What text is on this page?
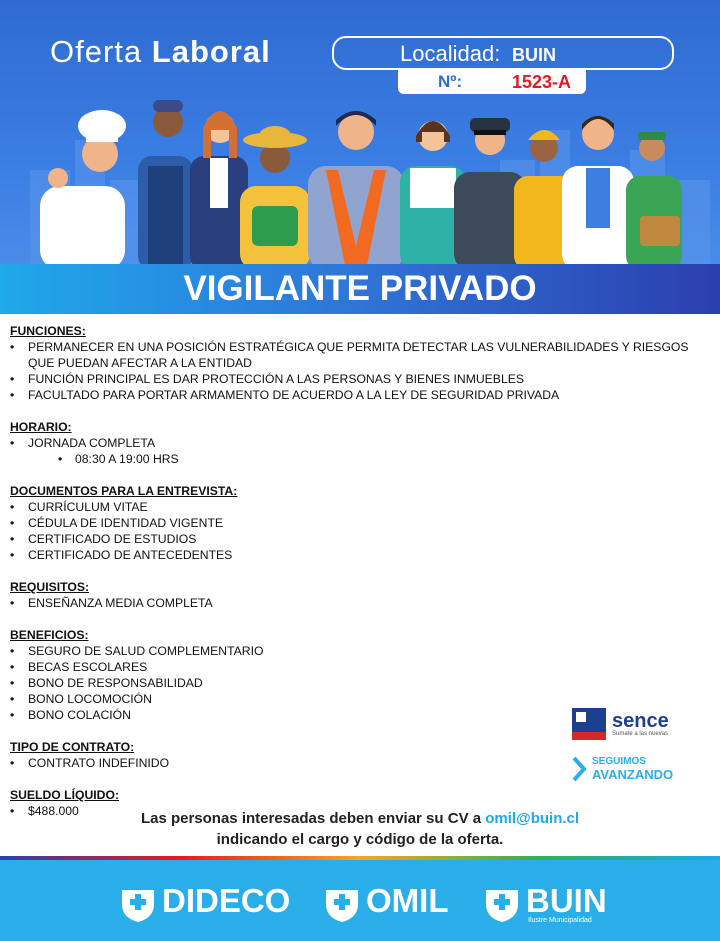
Oferta Laboral	Localidad: BUIN
Nº:	1523-A
VIGILANTE PRIVADO
FUNCIONES:
• PERMANECER EN UNA POSICIÓN ESTRATÉGICA QUE PERMITA DETECTAR LAS VULNERABILIDADES Y RIESGOS QUE PUEDAN AFECTAR A LA ENTIDAD
• FUNCIÓN PRINCIPAL ES DAR PROTECCIÓN A LAS PERSONAS Y BIENES INMUEBLES
• FACULTADO PARA PORTAR ARMAMENTO DE ACUERDO A LA LEY DE SEGURIDAD PRIVADA
HORARIO:
• JORNADA COMPLETA
• 08:30 A 19:00 HRS
DOCUMENTOS PARA LA ENTREVISTA:
• CURRÍCULUM VITAE
• CÉDULA DE IDENTIDAD VIGENTE
• CERTIFICADO DE ESTUDIOS
• CERTIFICADO DE ANTECEDENTES
REQUISITOS:
• ENSEÑANZA MEDIA COMPLETA
BENEFICIOS:
• SEGURO DE SALUD COMPLEMENTARIO
• BECAS ESCOLARES
• BONO DE RESPONSABILIDAD
• BONO LOCOMOCIÓN
• BONO COLACIÓN
TIPO DE CONTRATO:
• CONTRATO INDEFINIDO
SUELDO LÍQUIDO:
• $488.000
sence
Sumate a las nuevas
SEGUIMOS
AVANZANDO
Las personas interesadas deben enviar su CV a omil@buin.cl
indicando el cargo y código de la oferta.
DIDECO OMIL BUIN
Ilustre Municipalidad
